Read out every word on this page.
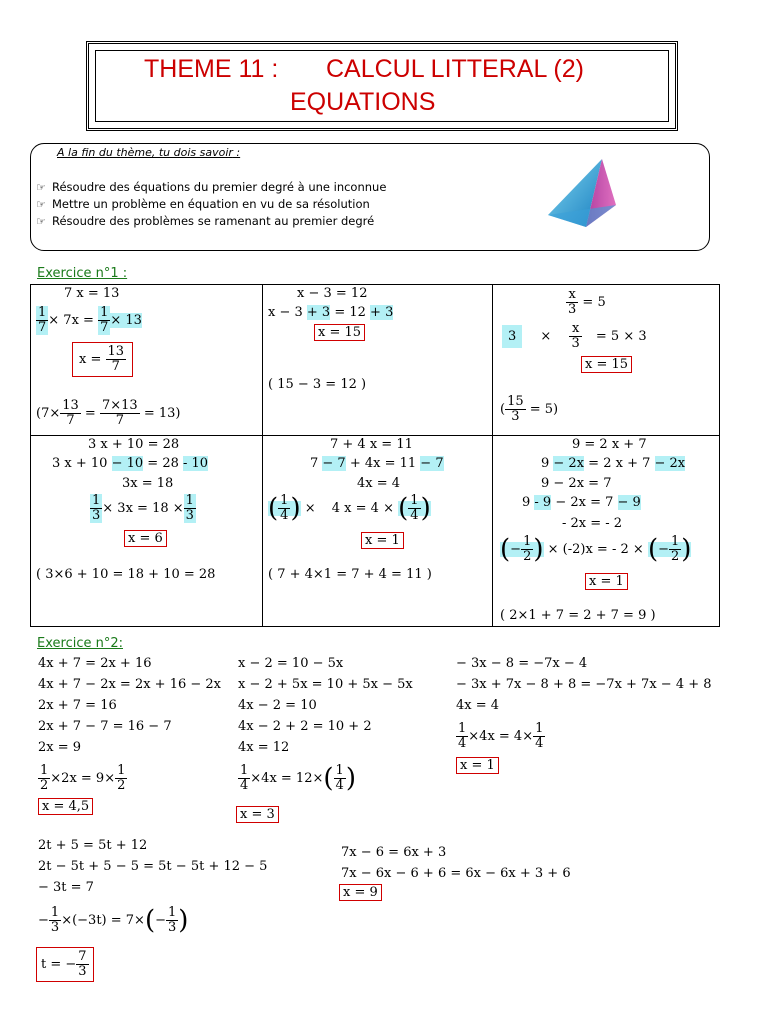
THEME 11 : CALCUL LITTERAL (2)
EQUATIONS
A la fin du thème, tu dois savoir :
☞ Résoudre des équations du premier degré à une inconnue
☞ Mettre un problème en équation en vu de sa résolution
☞ Résoudre des problèmes se ramenant au premier degré
Exercice n°1 :
7 x = 13
$\frac{1}{7} \times 7x = \frac{1}{7} \times 13$
$x = \frac{13}{7}$
$(7\times \frac{13}{7} = \frac{7\times 13}{7} = 13)$
x − 3 = 12
x − 3 + 3 = 12 + 3
x = 15
( 15 − 3 = 12 )
$\frac{x}{3} = 5$
$3 \times \frac{x}{3} = 5 \times 3$
x = 15
( $\frac{15}{3} = 5$)
3 x + 10 = 28
3 x + 10 − 10 = 28 - 10
3x = 18
$\frac{1}{3} \times 3x = 18 \times \frac{1}{3}$
x = 6
( 3×6 + 10 = 18 + 10 = 28
7 + 4 x = 11
7 − 7 + 4x = 11 − 7
4x = 4
( $\frac{1}{4}$ ) × 4 x = 4 × ( $\frac{1}{4}$ )
x = 1
( 7 + 4×1 = 7 + 4 = 11 )
9 = 2 x + 7
9 − 2x = 2 x + 7 − 2x
9 − 2x = 7
9 - 9 − 2x = 7 − 9
- 2x = - 2
(− $\frac{1}{2}$ ) × (-2)x = - 2 × (− $\frac{1}{2}$ )
x = 1
( 2×1 + 7 = 2 + 7 = 9 )
Exercice n°2:
4x + 7 = 2x + 16
4x + 7 − 2x = 2x + 16 − 2x
2x + 7 = 16
2x + 7 − 7 = 16 − 7
2x = 9
$\frac{1}{2} \times 2x = 9\times \frac{1}{2}$
x = 4,5
x − 2 = 10 − 5x
x − 2 + 5x = 10 + 5x − 5x
4x − 2 = 10
4x − 2 + 2 = 10 + 2
4x = 12
$\frac{1}{4} \times 4x = 12\times( \frac{1}{4}$ )
x = 3
− 3x − 8 = −7x − 4
− 3x + 7x − 8 + 8 = −7x + 7x − 4 + 8
4x = 4
$\frac{1}{4} \times 4x = 4\times \frac{1}{4}$
x = 1
2t + 5 = 5t + 12
2t − 5t + 5 − 5 = 5t − 5t + 12 − 5
− 3t = 7
− $\frac{1}{3} \times(-3t) = 7\times(- \frac{1}{3}$ )
t = − $\frac{7}{3}$
7x − 6 = 6x + 3
7x − 6x − 6 + 6 = 6x − 6x + 3 + 6
x = 9
